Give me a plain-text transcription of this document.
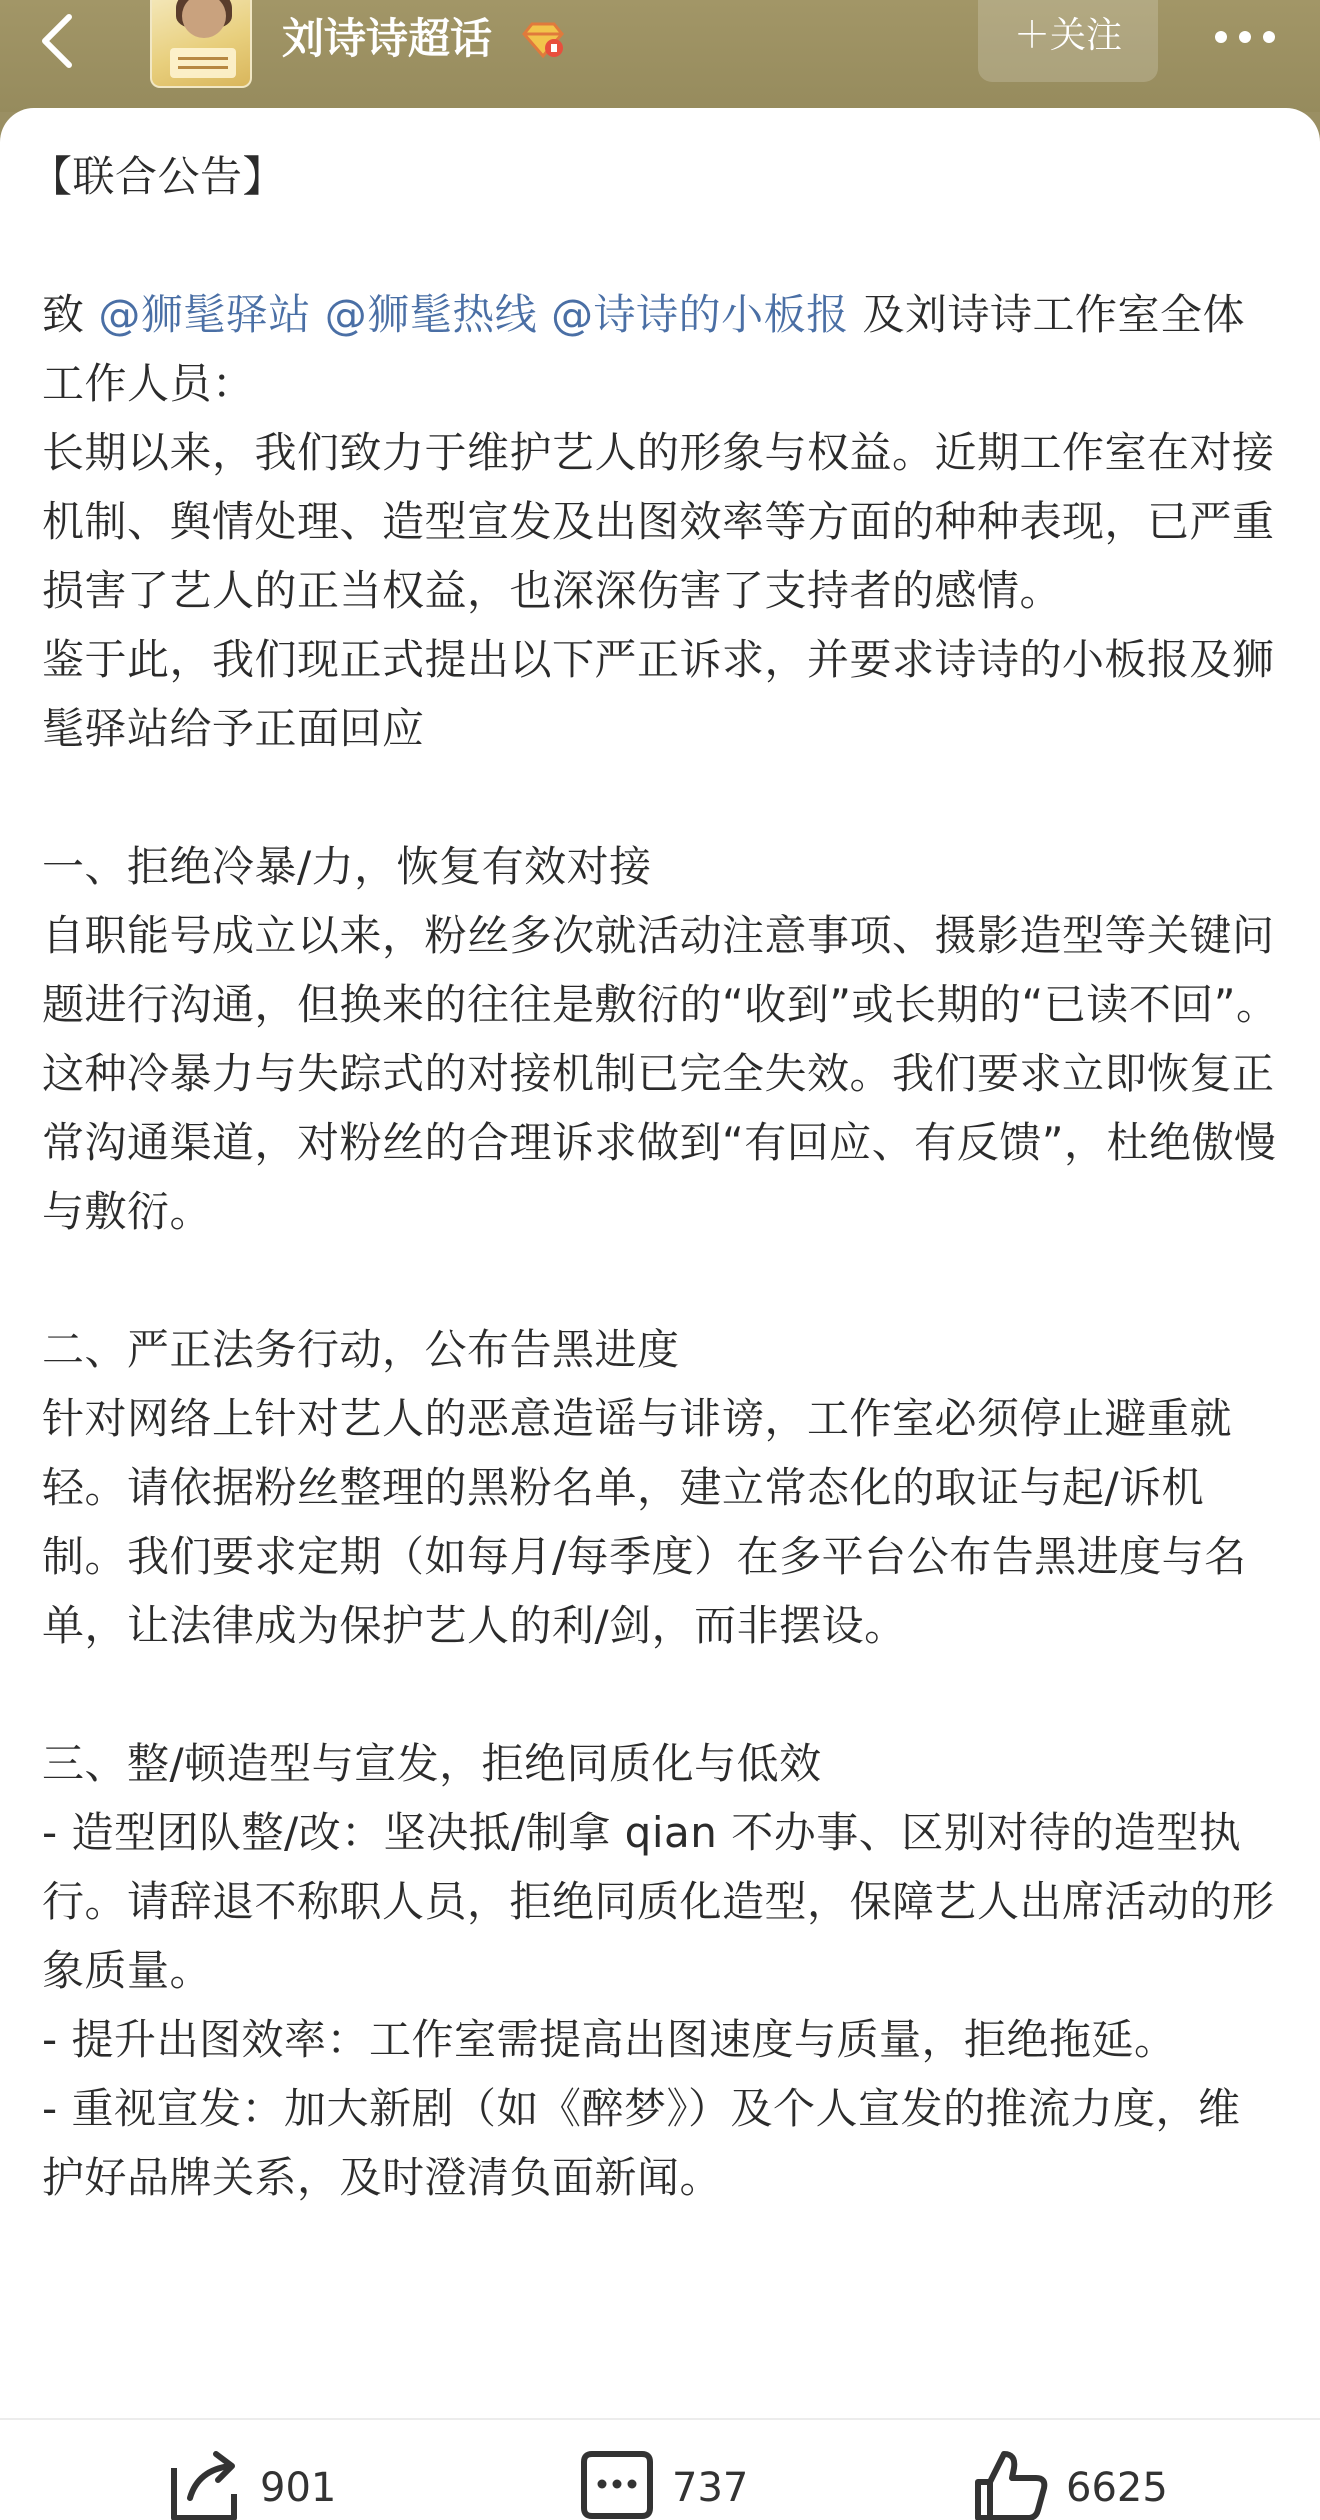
刘诗诗超话	＋关注

【联合公告】

致 @狮髦驿站 @狮髦热线 @诗诗的小板报 及刘诗诗工作室全体工作人员：

长期以来，我们致力于维护艺人的形象与权益。近期工作室在对接机制、舆情处理、造型宣发及出图效率等方面的种种表现，已严重损害了艺人的正当权益，也深深伤害了支持者的感情。

鉴于此，我们现正式提出以下严正诉求，并要求诗诗的小板报及狮髦驿站给予正面回应

一、拒绝冷暴/力，恢复有效对接

自职能号成立以来，粉丝多次就活动注意事项、摄影造型等关键问题进行沟通，但换来的往往是敷衍的“收到”或长期的“已读不回”。这种冷暴力与失踪式的对接机制已完全失效。我们要求立即恢复正常沟通渠道，对粉丝的合理诉求做到“有回应、有反馈”，杜绝傲慢与敷衍。

二、严正法务行动，公布告黑进度

针对网络上针对艺人的恶意造谣与诽谤，工作室必须停止避重就轻。请依据粉丝整理的黑粉名单，建立常态化的取证与起/诉机制。我们要求定期（如每月/每季度）在多平台公布告黑进度与名单，让法律成为保护艺人的利/剑，而非摆设。

三、整/顿造型与宣发，拒绝同质化与低效

- 造型团队整/改：坚决抵/制拿 qian 不办事、区别对待的造型执行。请辞退不称职人员，拒绝同质化造型，保障艺人出席活动的形象质量。

- 提升出图效率：工作室需提高出图速度与质量，拒绝拖延。

- 重视宣发：加大新剧（如《醉梦》）及个人宣发的推流力度，维护好品牌关系，及时澄清负面新闻。

901	737	6625
